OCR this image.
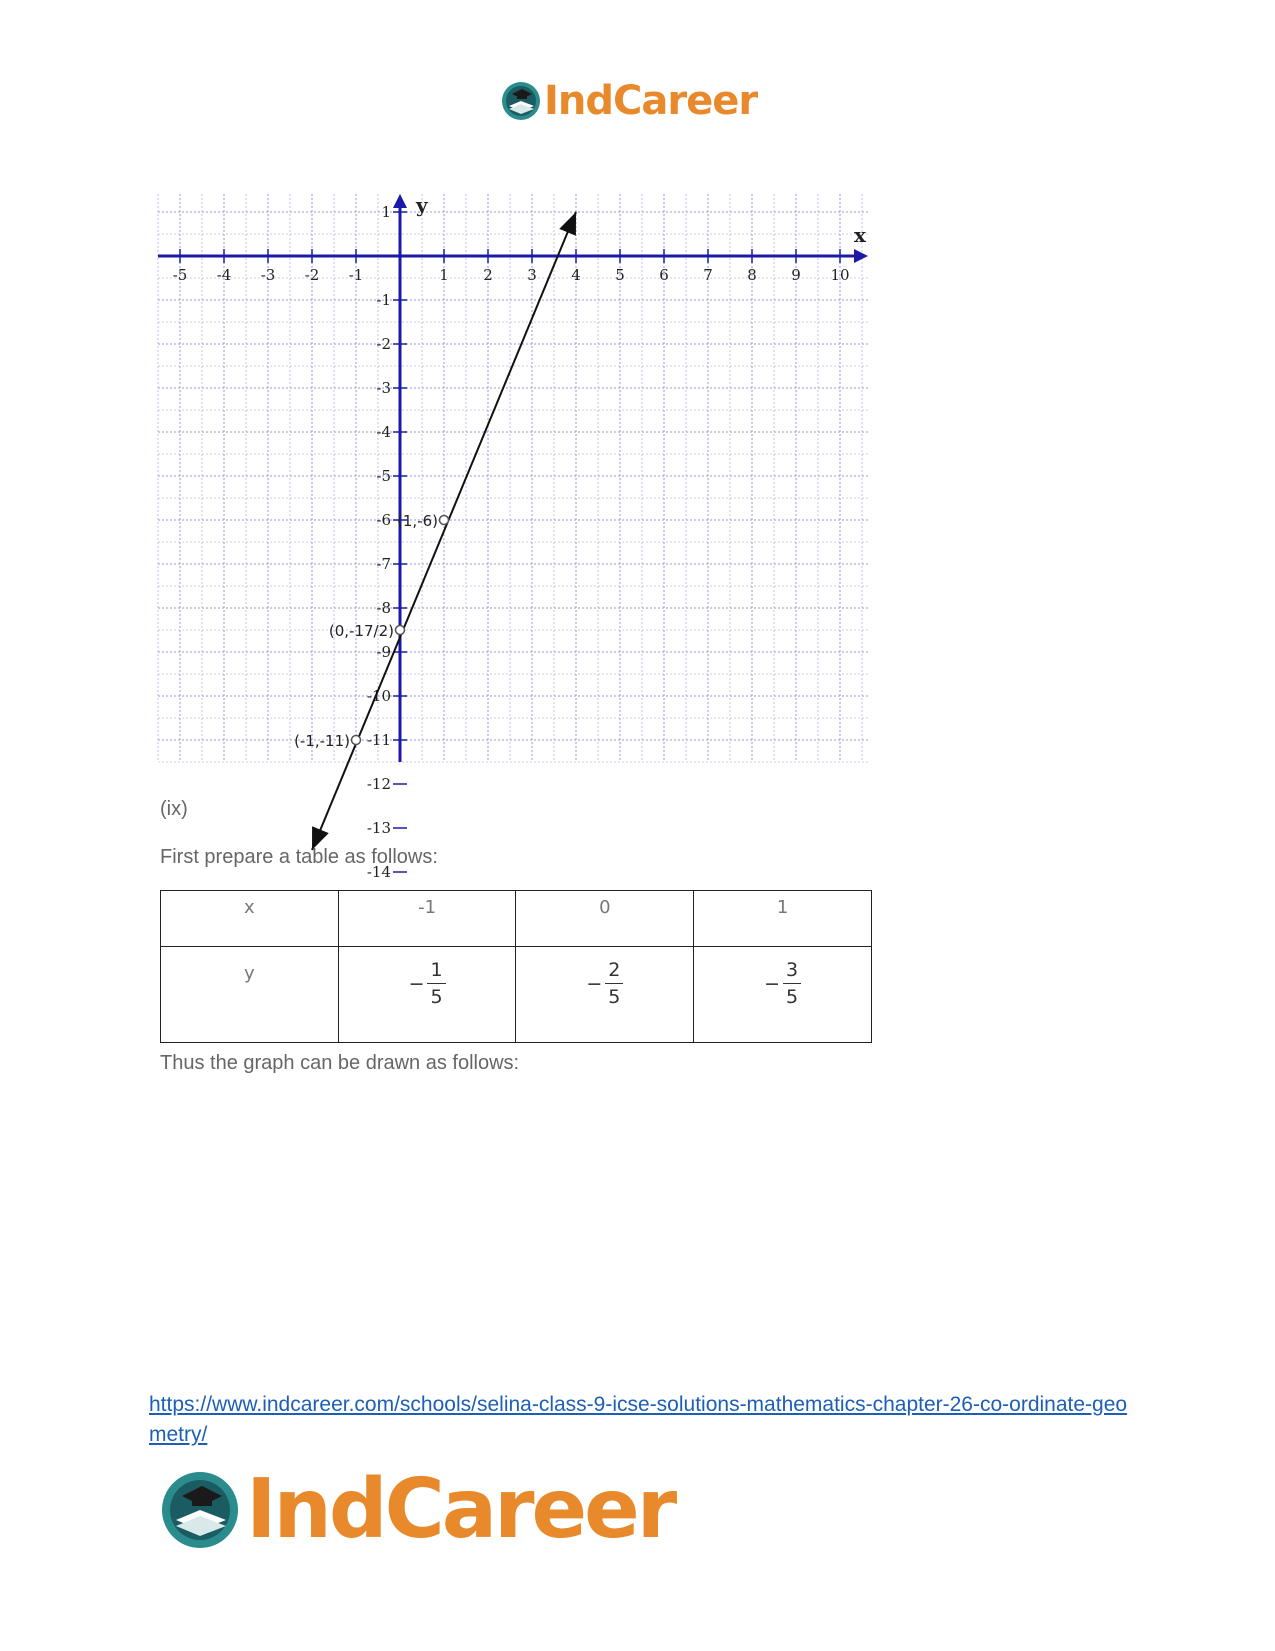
IndCareer
x
y
-5 -4 -3 -2 -1	1 2 3 4 5 6 7 8 9 10
1
-1
-2
-3
-4
-5
-6
-7
-8
-9
-10
-11
-12
-13
-14
(1,-6)
(0,-17/2)
(-1,-11)
(ix)
First prepare a table as follows:
x	-1	0	1

y	− $\frac{1}{5}$	− $\frac{2}{5}$	− $\frac{3}{5}$
Thus the graph can be drawn as follows:
https://www.indcareer.com/schools/selina-class-9-icse-solutions-mathematics-chapter-26-co-ordinate-geometry/
IndCareer
